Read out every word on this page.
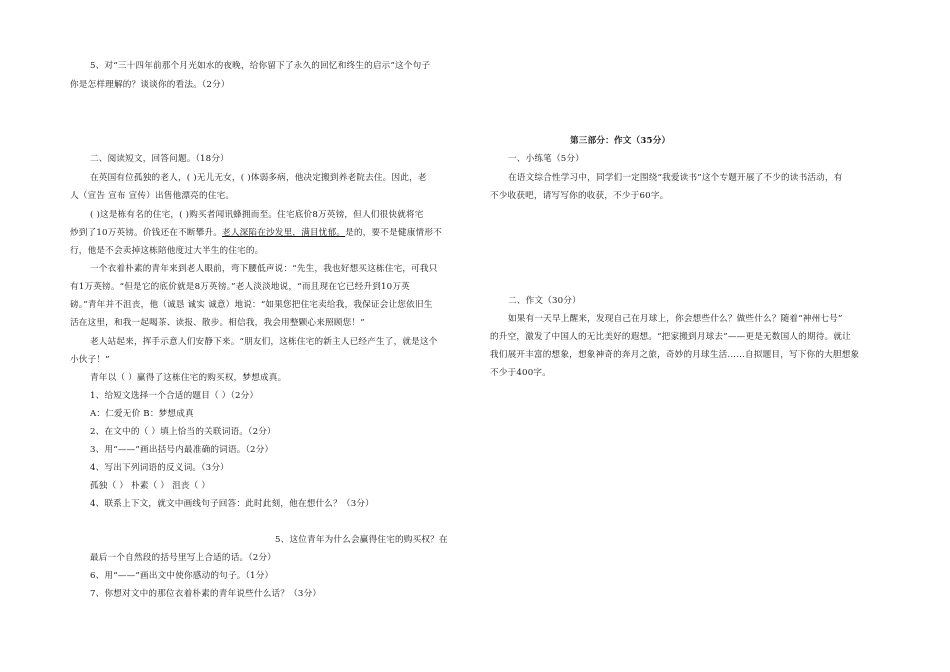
5、对“三十四年前那个月光如水的夜晚，给你留下了永久的回忆和终生的启示”这个句子
你是怎样理解的？谈谈你的看法。（2分）
二、阅读短文，回答问题。（18分）
在英国有位孤独的老人，( )无儿无女，( )体弱多病，他决定搬到养老院去住。因此，老
人（宣告 宣布 宣传）出售他漂亮的住宅。
( )这是栋有名的住宅，( )购买者闻讯蜂拥而至。住宅底价8万英镑，但人们很快就将宅
炒到了10万英镑。价钱还在不断攀升。老人深陷在沙发里，满目忧郁。是的，要不是健康情形不
行，他是不会卖掉这栋陪他度过大半生的住宅的。
一个衣着朴素的青年来到老人眼前，弯下腰低声说：“先生，我也好想买这栋住宅，可我只
有1万英镑。“但是它的底价就是8万英镑。”老人淡淡地说，“而且现在它已经升到10万英
磅。”青年并不沮丧，他（诚恳 诚实 诚意）地说：“如果您把住宅卖给我，我保证会让您依旧生
活在这里，和我一起喝茶、读报、散步。相信我，我会用整颗心来照顾您！”
老人站起来，挥手示意人们安静下来。“朋友们，这栋住宅的新主人已经产生了，就是这个
小伙子！”
青年以（ ）赢得了这栋住宅的购买权，梦想成真。
1、给短文选择一个合适的题目（ ）（2分）
A：仁爱无价 B：梦想成真
2、在文中的（ ）填上恰当的关联词语。（2分）
3、用“——”画出括号内最准确的词语。（2分）
4、写出下列词语的反义词。（3分）
孤独（ ） 朴素（ ） 沮丧（ ）
4、联系上下文，就文中画线句子回答：此时此刻，他在想什么？（3分）
5、这位青年为什么会赢得住宅的购买权？在
最后一个自然段的括号里写上合适的话。（2分）
6、用“——”画出文中使你感动的句子。（1分）
7、你想对文中的那位衣着朴素的青年说些什么话？（3分）
第三部分：作文（35分）
一、小练笔（5分）
在语文综合性学习中，同学们一定围绕“我爱读书”这个专题开展了不少的读书活动，有
不少收获吧，请写写你的收获，不少于60字。
二、作文（30分）
如果有一天早上醒来，发现自己在月球上，你会想些什么？做些什么？随着“神州七号”
的升空，激发了中国人的无比美好的遐想。“把家搬到月球去”——更是无数国人的期待。就让
我们展开丰富的想象，想象神奇的奔月之旅，奇妙的月球生活……自拟题目，写下你的大胆想象
不少于400字。
